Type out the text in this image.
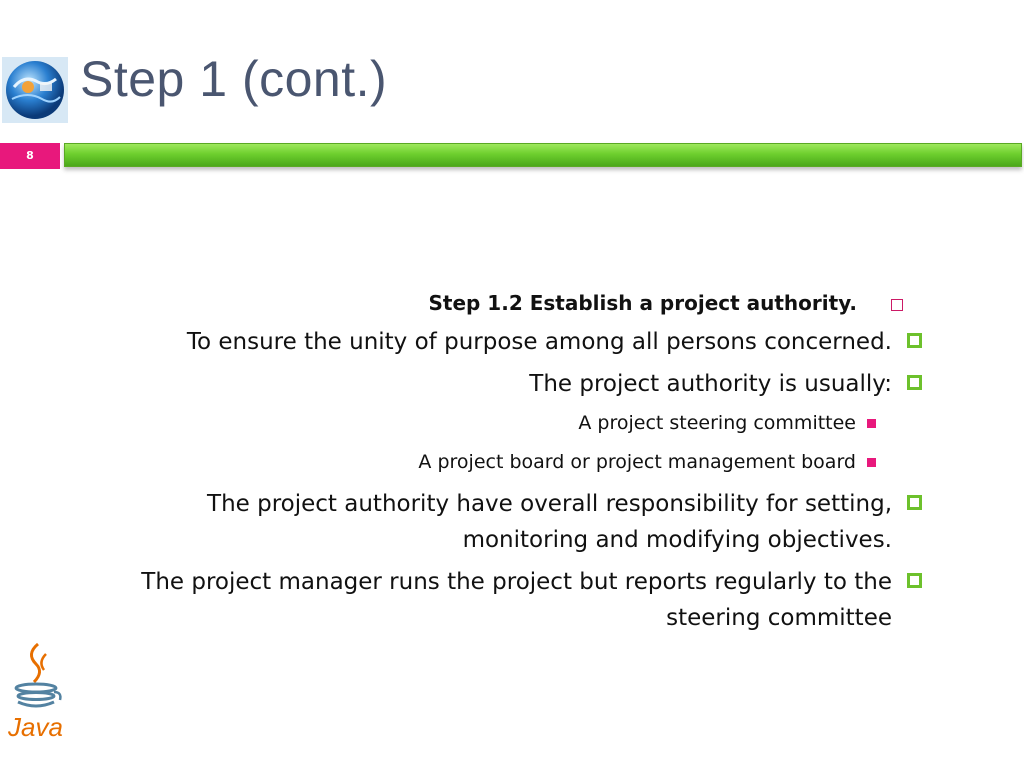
Step 1 (cont.)
8

Step 1.2 Establish a project authority.

To ensure the unity of purpose among all persons concerned.

The project authority is usually:

A project steering committee

A project board or project management board

The project authority have overall responsibility for setting, monitoring and modifying objectives.

The project manager runs the project but reports regularly to the steering committee

Java
